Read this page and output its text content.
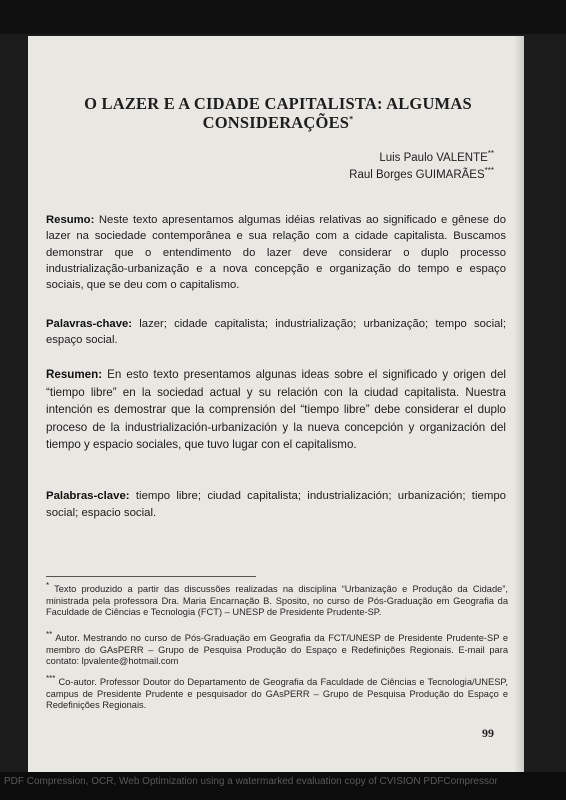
O LAZER E A CIDADE CAPITALISTA: ALGUMAS CONSIDERAÇÕES*
Luis Paulo VALENTE**
Raul Borges GUIMARÃES***

Resumo: Neste texto apresentamos algumas idéias relativas ao significado e gênese do lazer na sociedade contemporânea e sua relação com a cidade capitalista. Buscamos demonstrar que o entendimento do lazer deve considerar o duplo processo industrialização-urbanização e a nova concepção e organização do tempo e espaço sociais, que se deu com o capitalismo.

Palavras-chave: lazer; cidade capitalista; industrialização; urbanização; tempo social; espaço social.

Resumen: En esto texto presentamos algunas ideas sobre el significado y origen del “tiempo libre” en la sociedad actual y su relación con la ciudad capitalista. Nuestra intención es demostrar que la comprensión del “tiempo libre” debe considerar el duplo proceso de la industrialización-urbanización y la nueva concepción y organización del tiempo y espacio sociales, que tuvo lugar con el capitalismo.

Palabras-clave: tiempo libre; ciudad capitalista; industrialización; urbanización; tiempo social; espacio social.

* Texto produzido a partir das discussões realizadas na disciplina “Urbanização e Produção da Cidade”, ministrada pela professora Dra. Maria Encarnação B. Sposito, no curso de Pós-Graduação em Geografia da Faculdade de Ciências e Tecnologia (FCT) – UNESP de Presidente Prudente-SP.

** Autor. Mestrando no curso de Pós-Graduação em Geografia da FCT/UNESP de Presidente Prudente-SP e membro do GAsPERR – Grupo de Pesquisa Produção do Espaço e Redefinições Regionais. E-mail para contato: lpvalente@hotmail.com

*** Co-autor. Professor Doutor do Departamento de Geografia da Faculdade de Ciências e Tecnologia/UNESP, campus de Presidente Prudente e pesquisador do GAsPERR – Grupo de Pesquisa Produção do Espaço e Redefinições Regionais.

99
PDF Compression, OCR, Web Optimization using a watermarked evaluation copy of CVISION PDFCompressor
